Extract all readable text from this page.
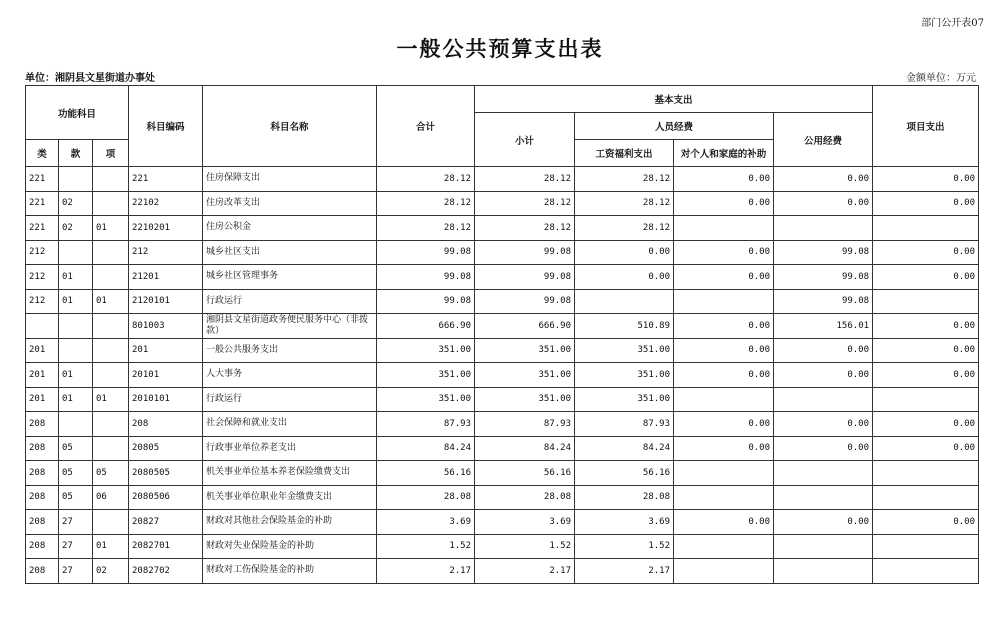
部门公开表07
一般公共预算支出表
单位：湘阴县文星街道办事处	金额单位：万元
功能科目			科目编码	科目名称	合计	基本支出				项目支出
						小计	人员经费		公用经费	
类	款	项					工资福利支出	对个人和家庭的补助		
221			221	住房保障支出	28.12	28.12	28.12	0.00	0.00	0.00
221	02		22102	住房改革支出	28.12	28.12	28.12	0.00	0.00	0.00
221	02	01	2210201	住房公积金	28.12	28.12	28.12			
212			212	城乡社区支出	99.08	99.08	0.00	0.00	99.08	0.00
212	01		21201	城乡社区管理事务	99.08	99.08	0.00	0.00	99.08	0.00
212	01	01	2120101	行政运行	99.08	99.08			99.08	
			801003	湘阴县文星街道政务便民服务中心（非拨款）	666.90	666.90	510.89	0.00	156.01	0.00
201			201	一般公共服务支出	351.00	351.00	351.00	0.00	0.00	0.00
201	01		20101	人大事务	351.00	351.00	351.00	0.00	0.00	0.00
201	01	01	2010101	行政运行	351.00	351.00	351.00			
208			208	社会保障和就业支出	87.93	87.93	87.93	0.00	0.00	0.00
208	05		20805	行政事业单位养老支出	84.24	84.24	84.24	0.00	0.00	0.00
208	05	05	2080505	机关事业单位基本养老保险缴费支出	56.16	56.16	56.16			
208	05	06	2080506	机关事业单位职业年金缴费支出	28.08	28.08	28.08			
208	27		20827	财政对其他社会保险基金的补助	3.69	3.69	3.69	0.00	0.00	0.00
208	27	01	2082701	财政对失业保险基金的补助	1.52	1.52	1.52			
208	27	02	2082702	财政对工伤保险基金的补助	2.17	2.17	2.17			
